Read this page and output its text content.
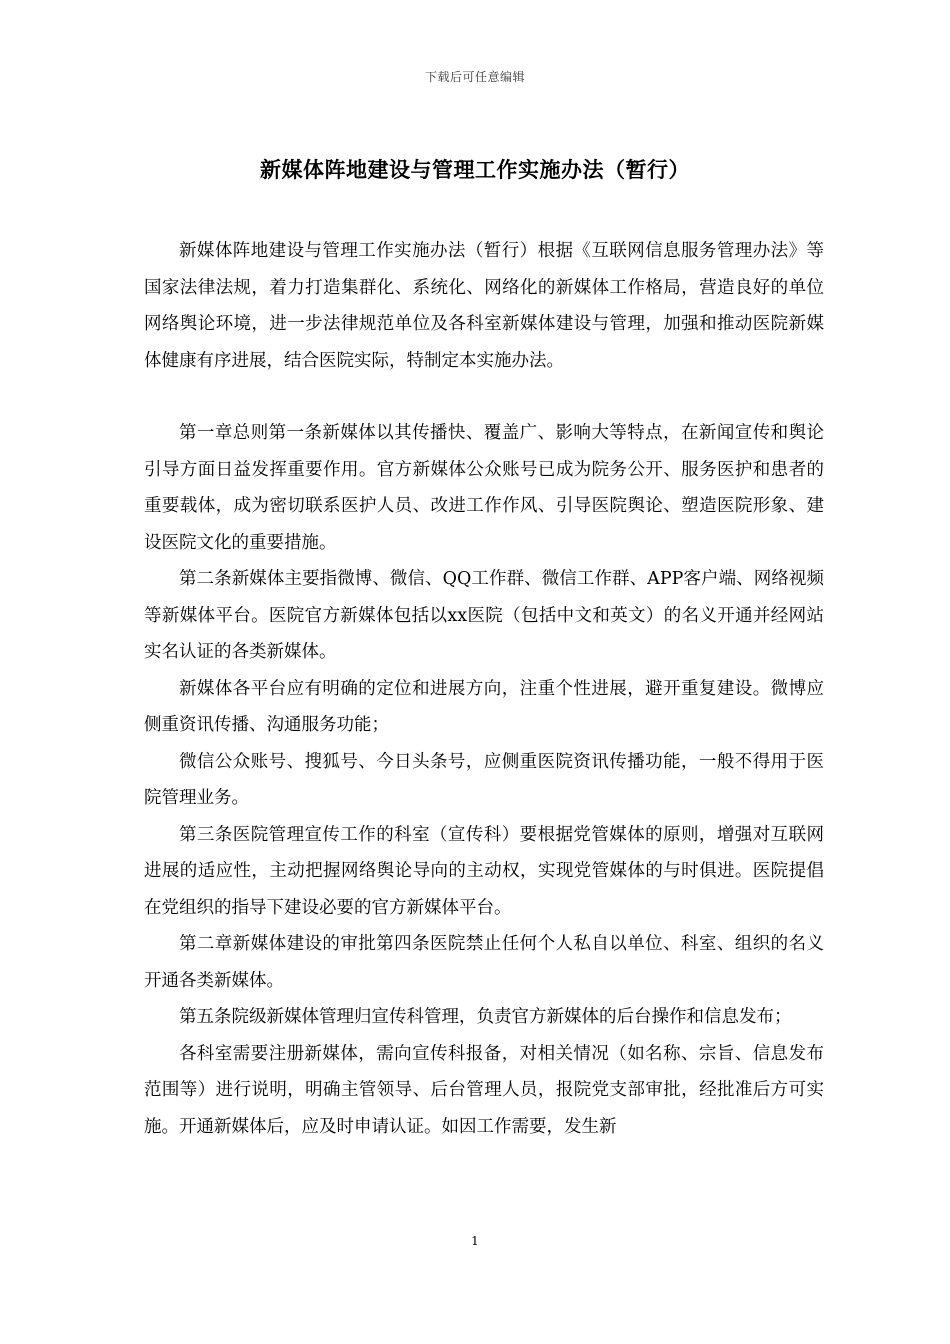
下载后可任意编辑
新媒体阵地建设与管理工作实施办法（暂行）

新媒体阵地建设与管理工作实施办法（暂行）根据《互联网信息服务管理办法》等国家法律法规，着力打造集群化、系统化、网络化的新媒体工作格局，营造良好的单位网络舆论环境，进一步法律规范单位及各科室新媒体建设与管理，加强和推动医院新媒体健康有序进展，结合医院实际，特制定本实施办法。

第一章总则第一条新媒体以其传播快、覆盖广、影响大等特点，在新闻宣传和舆论引导方面日益发挥重要作用。官方新媒体公众账号已成为院务公开、服务医护和患者的重要载体，成为密切联系医护人员、改进工作作风、引导医院舆论、塑造医院形象、建设医院文化的重要措施。

第二条新媒体主要指微博、微信、QQ工作群、微信工作群、APP客户端、网络视频等新媒体平台。医院官方新媒体包括以xx医院（包括中文和英文）的名义开通并经网站实名认证的各类新媒体。

新媒体各平台应有明确的定位和进展方向，注重个性进展，避开重复建设。微博应侧重资讯传播、沟通服务功能；

微信公众账号、搜狐号、今日头条号，应侧重医院资讯传播功能，一般不得用于医院管理业务。

第三条医院管理宣传工作的科室（宣传科）要根据党管媒体的原则，增强对互联网进展的适应性，主动把握网络舆论导向的主动权，实现党管媒体的与时俱进。医院提倡在党组织的指导下建设必要的官方新媒体平台。

第二章新媒体建设的审批第四条医院禁止任何个人私自以单位、科室、组织的名义开通各类新媒体。

第五条院级新媒体管理归宣传科管理，负责官方新媒体的后台操作和信息发布；

各科室需要注册新媒体，需向宣传科报备，对相关情况（如名称、宗旨、信息发布范围等）进行说明，明确主管领导、后台管理人员，报院党支部审批，经批准后方可实施。开通新媒体后，应及时申请认证。如因工作需要，发生新

1
